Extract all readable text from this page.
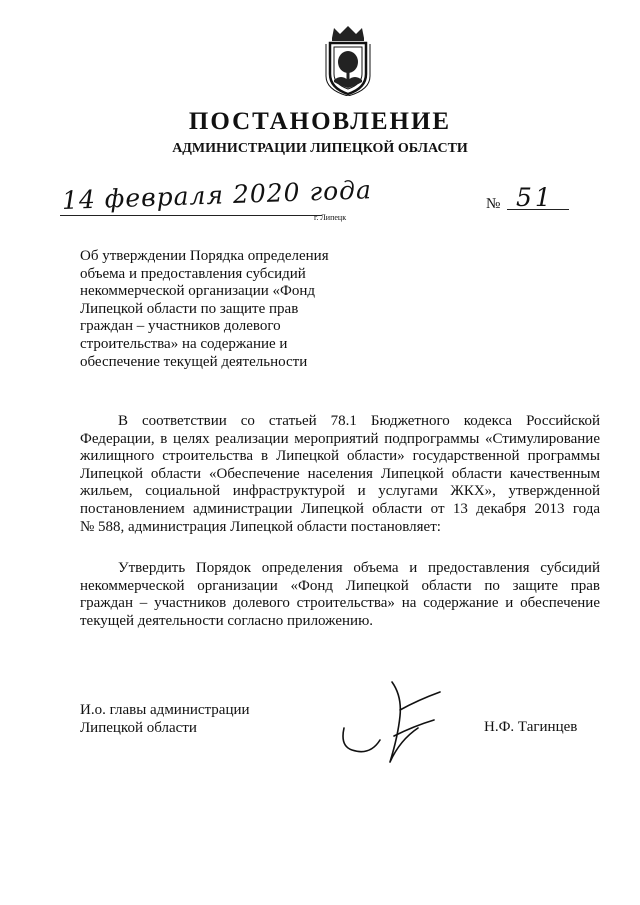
ПОСТАНОВЛЕНИЕ
АДМИНИСТРАЦИИ ЛИПЕЦКОЙ ОБЛАСТИ
14 февраля 2020 года
г. Липецк
№ 51
Об утверждении Порядка определения
объема и предоставления субсидий
некоммерческой организации «Фонд
Липецкой области по защите прав
граждан – участников долевого
строительства» на содержание и
обеспечение текущей деятельности
В соответствии со статьей 78.1 Бюджетного кодекса Российской
Федерации, в целях реализации мероприятий подпрограммы «Стимулирование
жилищного строительства в Липецкой области» государственной программы
Липецкой области «Обеспечение населения Липецкой области качественным
жильем, социальной инфраструктурой и услугами ЖКХ», утвержденной
постановлением администрации Липецкой области от 13 декабря 2013 года
№ 588, администрация Липецкой области постановляет:
Утвердить Порядок определения объема и предоставления субсидий
некоммерческой организации «Фонд Липецкой области по защите прав
граждан – участников долевого строительства» на содержание и обеспечение
текущей деятельности согласно приложению.
И.о. главы администрации
Липецкой области	Н.Ф. Тагинцев
